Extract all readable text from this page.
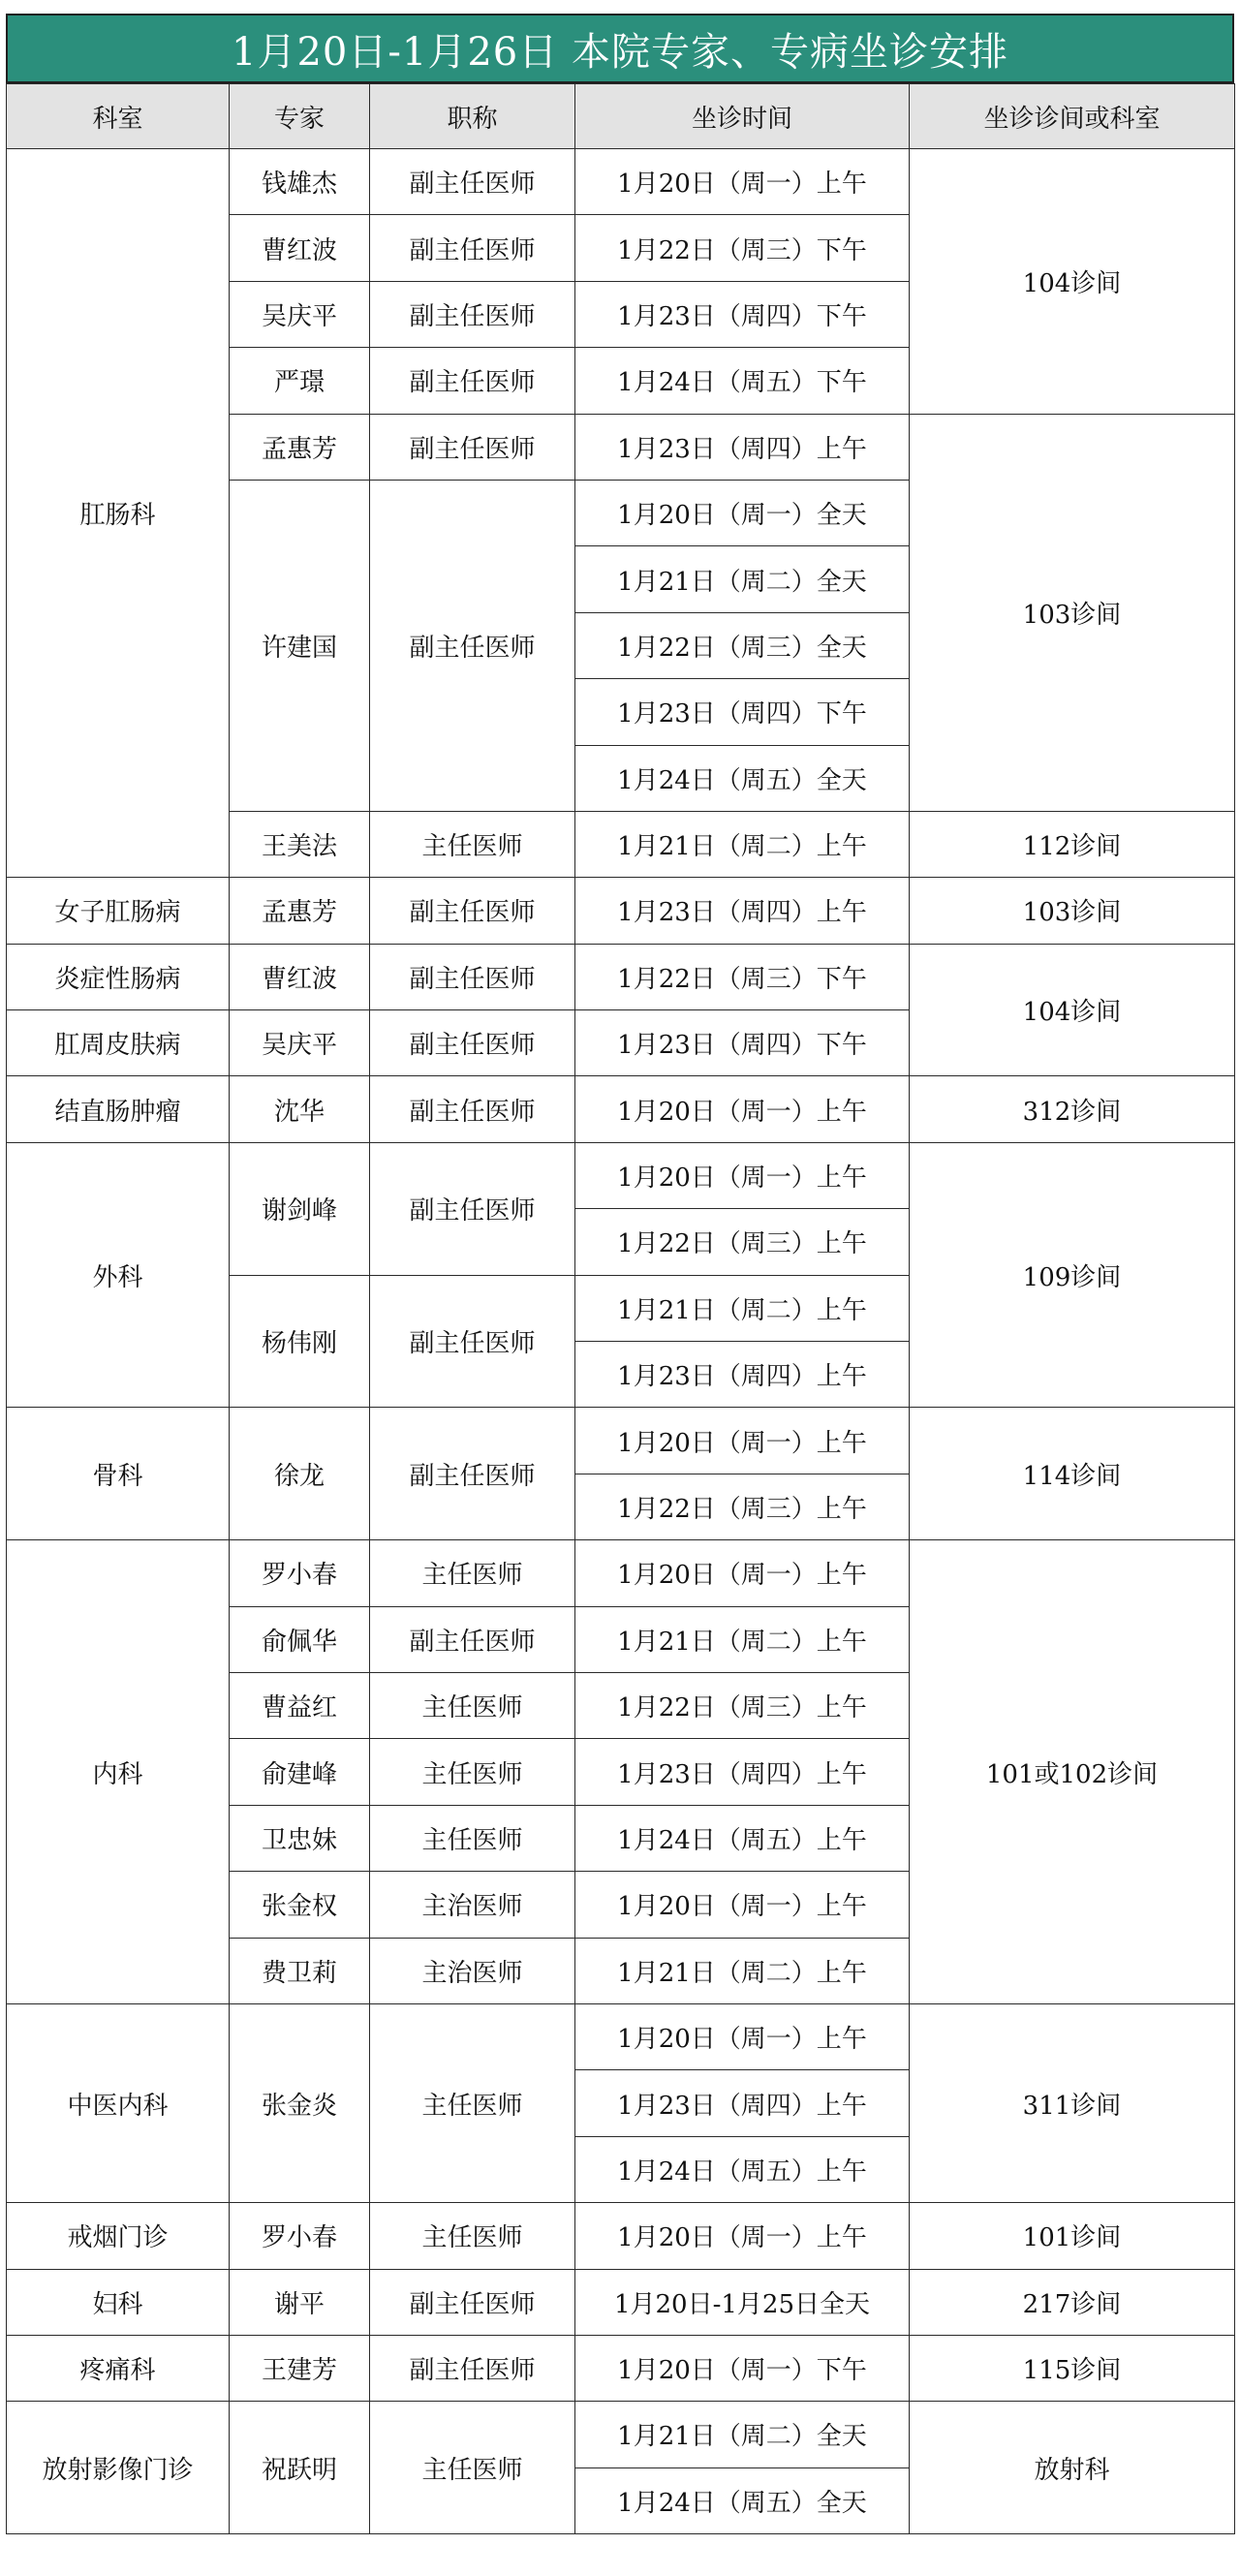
1月20日-1月26日 本院专家、专病坐诊安排
科室	专家	职称	坐诊时间	坐诊诊间或科室
肛肠科	钱雄杰	副主任医师	1月20日（周一）上午	104诊间
	曹红波	副主任医师	1月22日（周三）下午	
	吴庆平	副主任医师	1月23日（周四）下午	
	严璟	副主任医师	1月24日（周五）下午	
	孟惠芳	副主任医师	1月23日（周四）上午	103诊间
	许建国	副主任医师	1月20日（周一）全天	
			1月21日（周二）全天	
			1月22日（周三）全天	
			1月23日（周四）下午	
			1月24日（周五）全天	
	王美法	主任医师	1月21日（周二）上午	112诊间
女子肛肠病	孟惠芳	副主任医师	1月23日（周四）上午	103诊间
炎症性肠病	曹红波	副主任医师	1月22日（周三）下午	104诊间
肛周皮肤病	吴庆平	副主任医师	1月23日（周四）下午	
结直肠肿瘤	沈华	副主任医师	1月20日（周一）上午	312诊间
外科	谢剑峰	副主任医师	1月20日（周一）上午	109诊间
			1月22日（周三）上午	
	杨伟刚	副主任医师	1月21日（周二）上午	
			1月23日（周四）上午	
骨科	徐龙	副主任医师	1月20日（周一）上午	114诊间
			1月22日（周三）上午	
内科	罗小春	主任医师	1月20日（周一）上午	101或102诊间
	俞佩华	副主任医师	1月21日（周二）上午	
	曹益红	主任医师	1月22日（周三）上午	
	俞建峰	主任医师	1月23日（周四）上午	
	卫忠妹	主任医师	1月24日（周五）上午	
	张金权	主治医师	1月20日（周一）上午	
	费卫莉	主治医师	1月21日（周二）上午	
中医内科	张金炎	主任医师	1月20日（周一）上午	311诊间
			1月23日（周四）上午	
			1月24日（周五）上午	
戒烟门诊	罗小春	主任医师	1月20日（周一）上午	101诊间
妇科	谢平	副主任医师	1月20日-1月25日全天	217诊间
疼痛科	王建芳	副主任医师	1月20日（周一）下午	115诊间
放射影像门诊	祝跃明	主任医师	1月21日（周二）全天	放射科
			1月24日（周五）全天	
